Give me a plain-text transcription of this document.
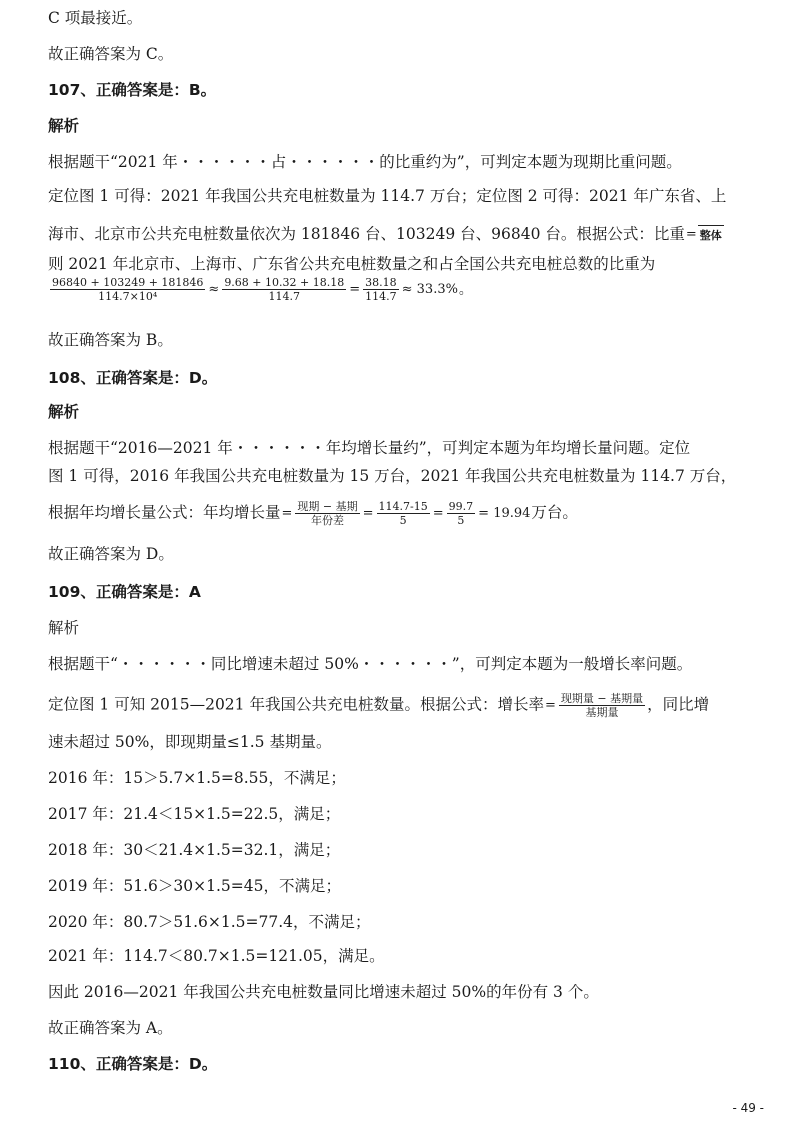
C 项最接近。
故正确答案为 C。
107、正确答案是：B。
解析
根据题干“2021 年・・・・・・占・・・・・・的比重约为”，可判定本题为现期比重问题。
定位图 1 可得：2021 年我国公共充电桩数量为 114.7 万台；定位图 2 可得：2021 年广东省、上
海市、北京市公共充电桩数量依次为 181846 台、103249 台、96840 台。根据公式：比重= 整体
则 2021 年北京市、上海市、广东省公共充电桩数量之和占全国公共充电桩总数的比重为
$\frac{96840 + 103249 + 181846}{\text{114.7×10⁴}} \approx \frac{9.68 + 10.32 + 18.18}{114.7} = \frac{38.18}{114.7} \approx 33.3\%$。
故正确答案为 B。
108、正确答案是：D。
解析
根据题干“2016—2021 年・・・・・・年均增长量约”，可判定本题为年均增长量问题。定位
图 1 可得，2016 年我国公共充电桩数量为 15 万台，2021 年我国公共充电桩数量为 114.7 万台，
根据年均增长量公式：年均增长量= $\frac{\text{现期 − 基期}}{\text{年份差}} = \frac{114.7-15}{5} = \frac{99.7}{5} = 19.94$万台。
故正确答案为 D。
109、正确答案是：A
解析
根据题干“・・・・・・同比增速未超过 50%・・・・・・”，可判定本题为一般增长率问题。
定位图 1 可知 2015—2021 年我国公共充电桩数量。根据公式：增长率= $\frac{\text{现期量 − 基期量}}{\text{基期量}}$ ，同比增
速未超过 50%，即现期量≤1.5 基期量。
2016 年：15＞5.7×1.5=8.55，不满足；
2017 年：21.4＜15×1.5=22.5，满足；
2018 年：30＜21.4×1.5=32.1，满足；
2019 年：51.6＞30×1.5=45，不满足；
2020 年：80.7＞51.6×1.5=77.4，不满足；
2021 年：114.7＜80.7×1.5=121.05，满足。
因此 2016—2021 年我国公共充电桩数量同比增速未超过 50%的年份有 3 个。
故正确答案为 A。
110、正确答案是：D。
- 49 -
